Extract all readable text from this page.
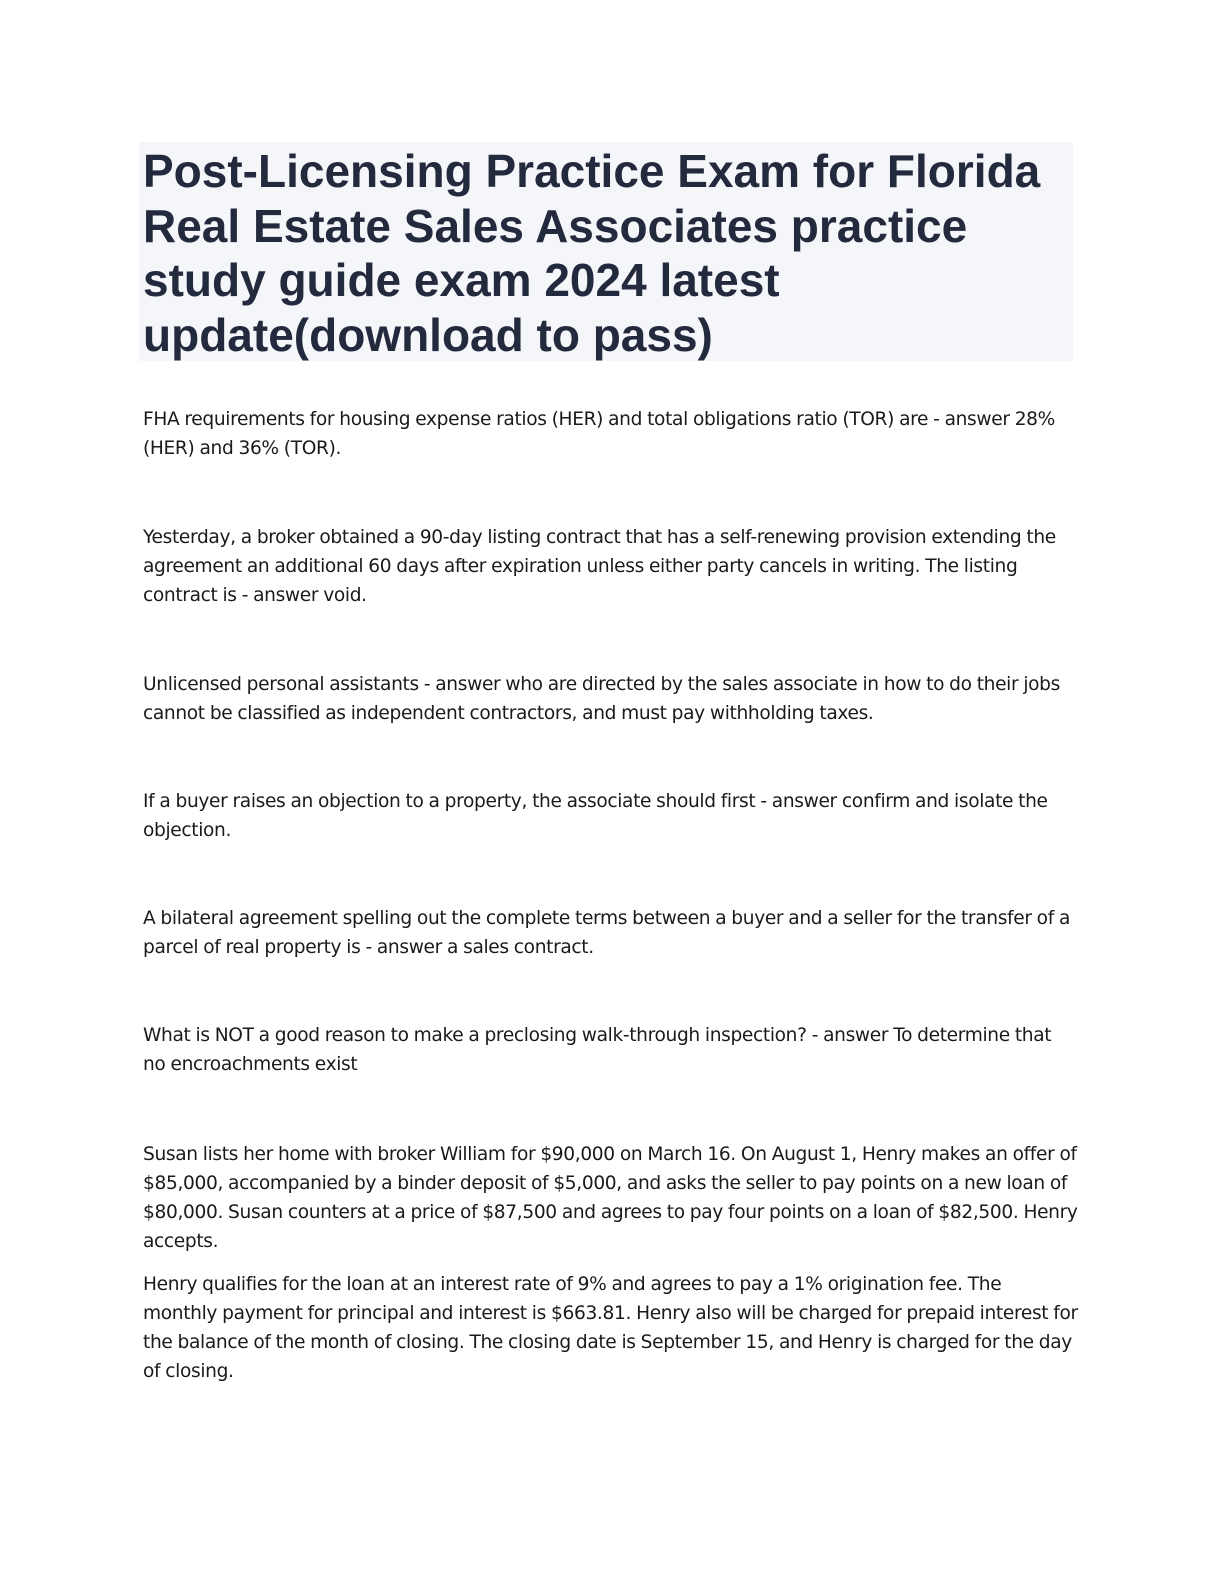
Post-Licensing Practice Exam for Florida Real Estate Sales Associates practice study guide exam 2024 latest update(download to pass)

FHA requirements for housing expense ratios (HER) and total obligations ratio (TOR) are - answer 28% (HER) and 36% (TOR).

Yesterday, a broker obtained a 90-day listing contract that has a self-renewing provision extending the agreement an additional 60 days after expiration unless either party cancels in writing. The listing contract is - answer void.

Unlicensed personal assistants - answer who are directed by the sales associate in how to do their jobs cannot be classified as independent contractors, and must pay withholding taxes.

If a buyer raises an objection to a property, the associate should first - answer confirm and isolate the objection.

A bilateral agreement spelling out the complete terms between a buyer and a seller for the transfer of a parcel of real property is - answer a sales contract.

What is NOT a good reason to make a preclosing walk-through inspection? - answer To determine that no encroachments exist

Susan lists her home with broker William for $90,000 on March 16. On August 1, Henry makes an offer of $85,000, accompanied by a binder deposit of $5,000, and asks the seller to pay points on a new loan of $80,000. Susan counters at a price of $87,500 and agrees to pay four points on a loan of $82,500. Henry accepts.

Henry qualifies for the loan at an interest rate of 9% and agrees to pay a 1% origination fee. The monthly payment for principal and interest is $663.81. Henry also will be charged for prepaid interest for the balance of the month of closing. The closing date is September 15, and Henry is charged for the day of closing.
